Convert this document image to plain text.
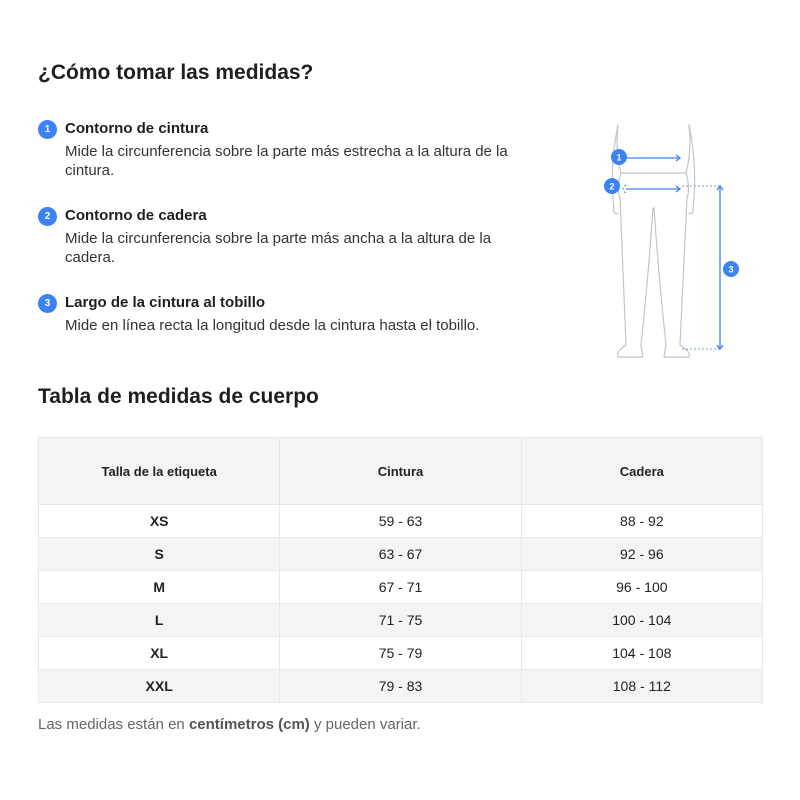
¿Cómo tomar las medidas?
1 Contorno de cintura
Mide la circunferencia sobre la parte más estrecha a la altura de la cintura.
2 Contorno de cadera
Mide la circunferencia sobre la parte más ancha a la altura de la cadera.
3 Largo de la cintura al tobillo
Mide en línea recta la longitud desde la cintura hasta el tobillo.
1
2
3
Tabla de medidas de cuerpo
Talla de la etiqueta	Cintura	Cadera
XS	59 - 63	88 - 92
S	63 - 67	92 - 96
M	67 - 71	96 - 100
L	71 - 75	100 - 104
XL	75 - 79	104 - 108
XXL	79 - 83	108 - 112
Las medidas están en centímetros (cm) y pueden variar.
